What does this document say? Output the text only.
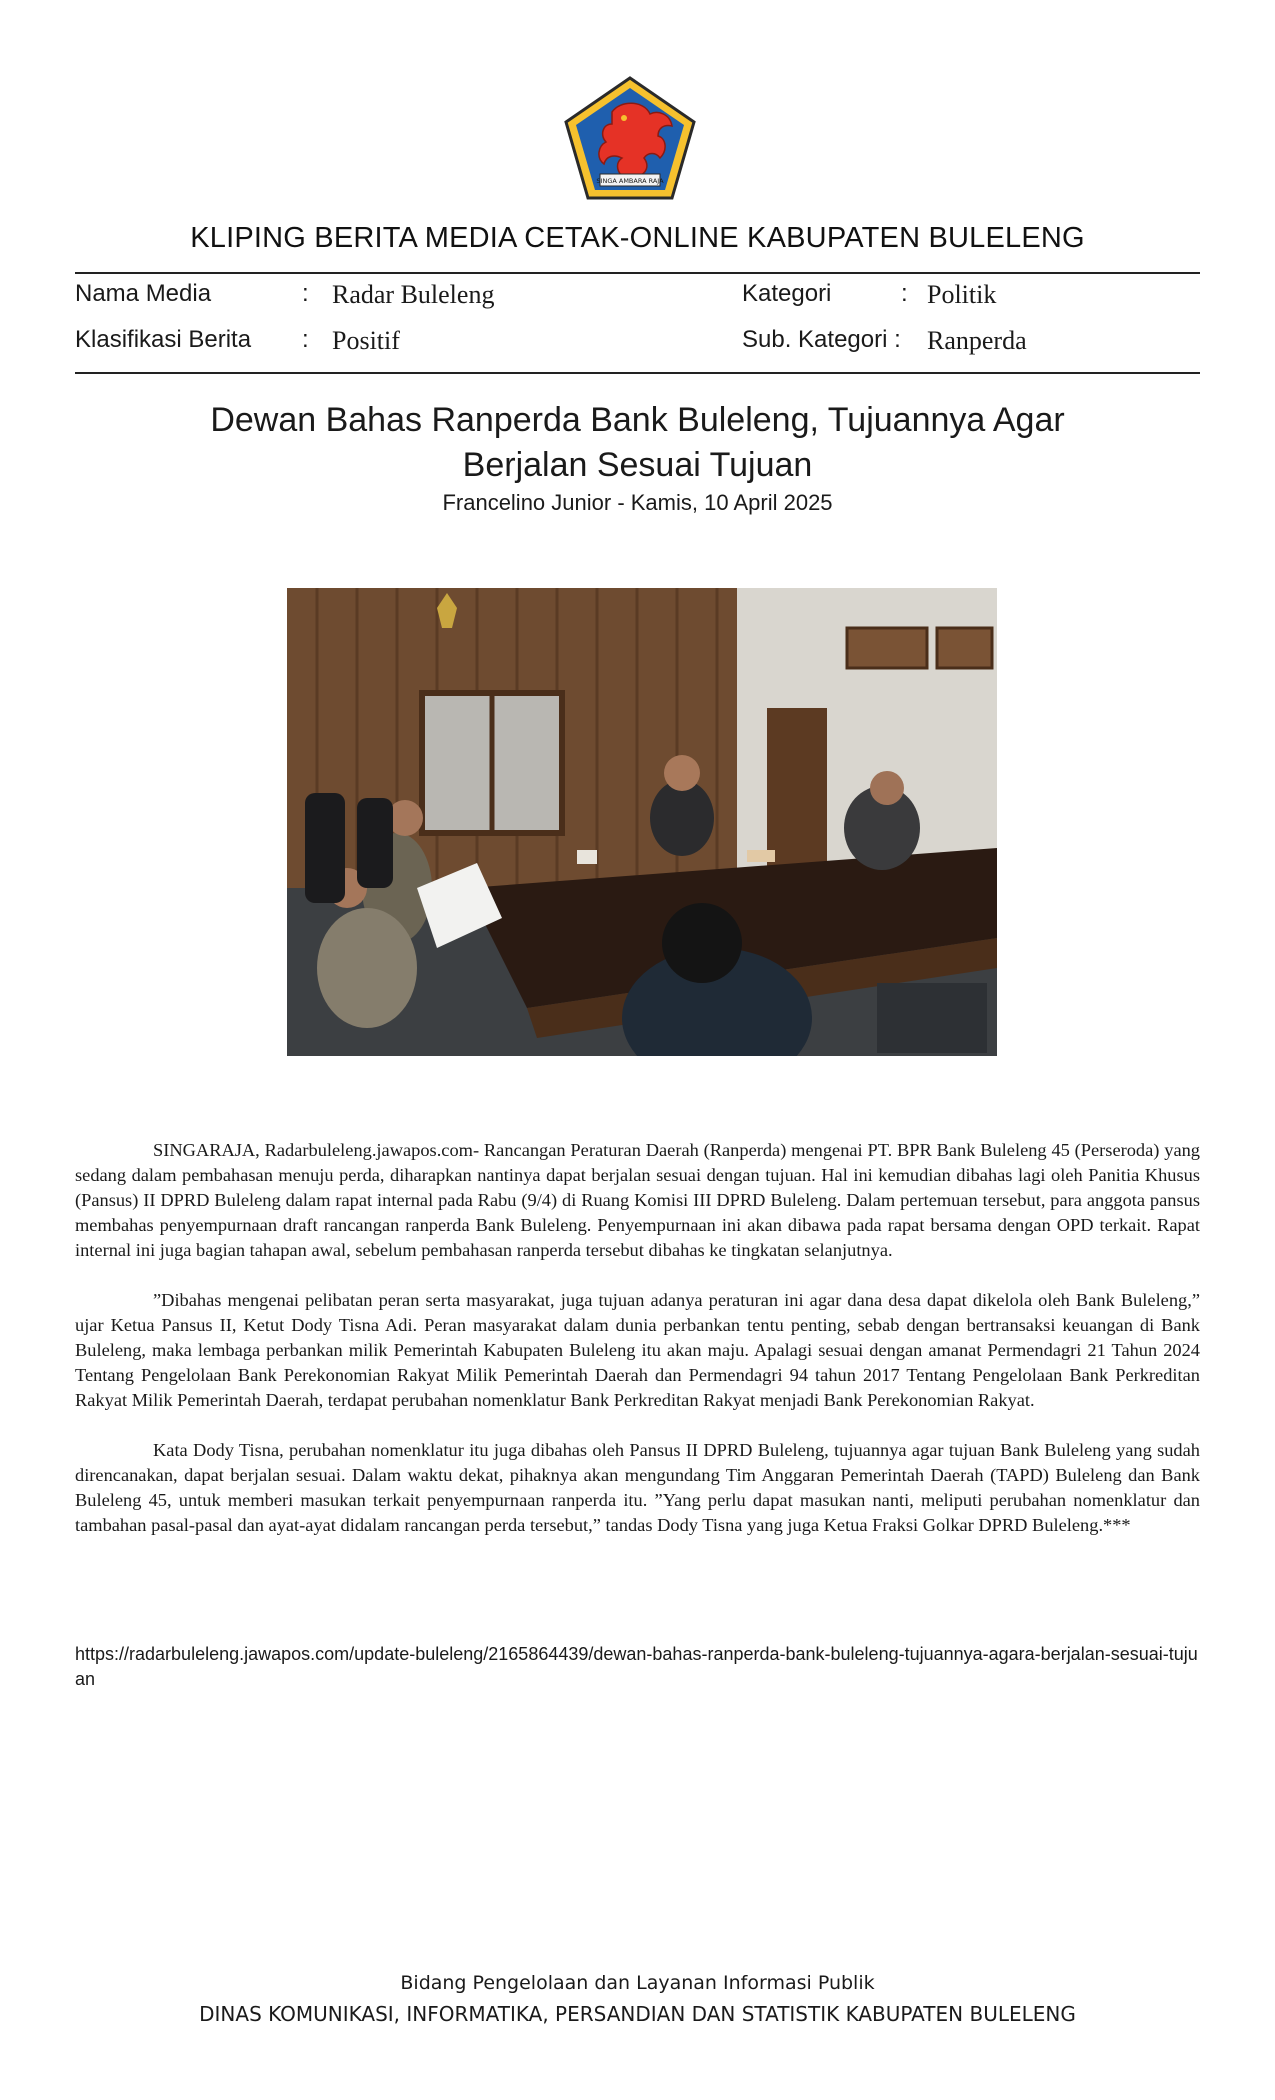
SINGA AMBARA RAJA
KLIPING BERITA MEDIA CETAK-ONLINE KABUPATEN BULELENG
Nama Media	: Radar Buleleng	Kategori	: Politik
Klasifikasi Berita : Positif	Sub. Kategori : Ranperda
Dewan Bahas Ranperda Bank Buleleng, Tujuannya Agar
Berjalan Sesuai Tujuan
Francelino Junior - Kamis, 10 April 2025

SINGARAJA, Radarbuleleng.jawapos.com- Rancangan Peraturan Daerah (Ranperda) mengenai PT. BPR Bank Buleleng 45 (Perseroda) yang sedang dalam pembahasan menuju perda, diharapkan nantinya dapat berjalan sesuai dengan tujuan. Hal ini kemudian dibahas lagi oleh Panitia Khusus (Pansus) II DPRD Buleleng dalam rapat internal pada Rabu (9/4) di Ruang Komisi III DPRD Buleleng. Dalam pertemuan tersebut, para anggota pansus membahas penyempurnaan draft rancangan ranperda Bank Buleleng. Penyempurnaan ini akan dibawa pada rapat bersama dengan OPD terkait. Rapat internal ini juga bagian tahapan awal, sebelum pembahasan ranperda tersebut dibahas ke tingkatan selanjutnya.

”Dibahas mengenai pelibatan peran serta masyarakat, juga tujuan adanya peraturan ini agar dana desa dapat dikelola oleh Bank Buleleng,” ujar Ketua Pansus II, Ketut Dody Tisna Adi. Peran masyarakat dalam dunia perbankan tentu penting, sebab dengan bertransaksi keuangan di Bank Buleleng, maka lembaga perbankan milik Pemerintah Kabupaten Buleleng itu akan maju. Apalagi sesuai dengan amanat Permendagri 21 Tahun 2024 Tentang Pengelolaan Bank Perekonomian Rakyat Milik Pemerintah Daerah dan Permendagri 94 tahun 2017 Tentang Pengelolaan Bank Perkreditan Rakyat Milik Pemerintah Daerah, terdapat perubahan nomenklatur Bank Perkreditan Rakyat menjadi Bank Perekonomian Rakyat.

Kata Dody Tisna, perubahan nomenklatur itu juga dibahas oleh Pansus II DPRD Buleleng, tujuannya agar tujuan Bank Buleleng yang sudah direncanakan, dapat berjalan sesuai. Dalam waktu dekat, pihaknya akan mengundang Tim Anggaran Pemerintah Daerah (TAPD) Buleleng dan Bank Buleleng 45, untuk memberi masukan terkait penyempurnaan ranperda itu. ”Yang perlu dapat masukan nanti, meliputi perubahan nomenklatur dan tambahan pasal-pasal dan ayat-ayat didalam rancangan perda tersebut,” tandas Dody Tisna yang juga Ketua Fraksi Golkar DPRD Buleleng.***

https://radarbuleleng.jawapos.com/update-buleleng/2165864439/dewan-bahas-ranperda-bank-buleleng-tujuannya-agara-berjalan-sesuai-tujuan
Bidang Pengelolaan dan Layanan Informasi Publik
DINAS KOMUNIKASI, INFORMATIKA, PERSANDIAN DAN STATISTIK KABUPATEN BULELENG
